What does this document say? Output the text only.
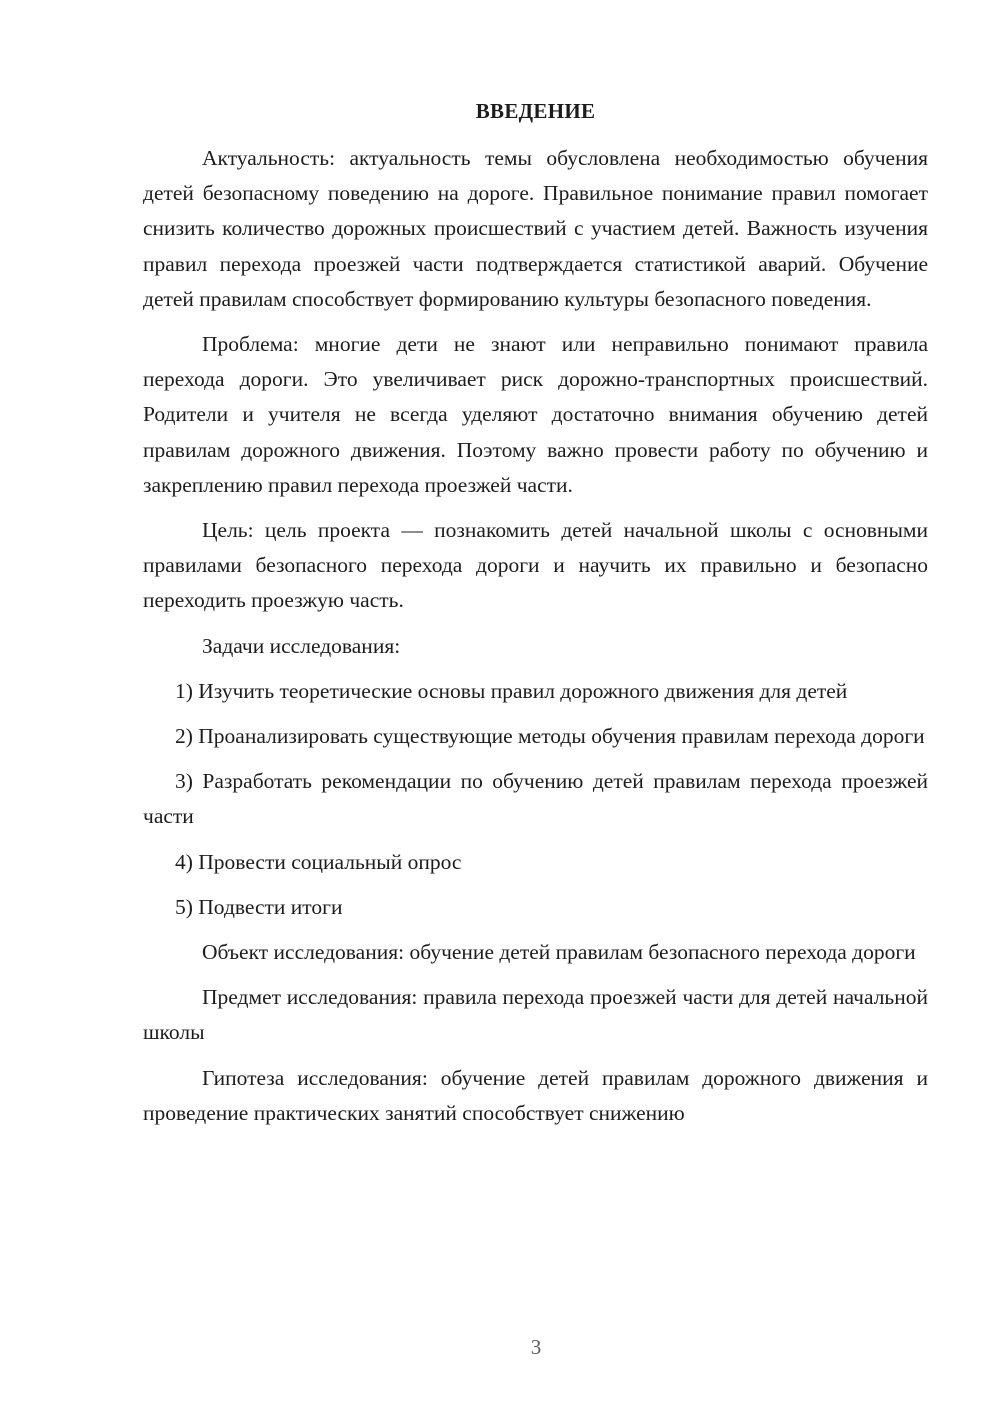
ВВЕДЕНИЕ

Актуальность: актуальность темы обусловлена необходимостью обучения детей безопасному поведению на дороге. Правильное понимание правил помогает снизить количество дорожных происшествий с участием детей. Важность изучения правил перехода проезжей части подтверждается статистикой аварий. Обучение детей правилам способствует формированию культуры безопасного поведения.

Проблема: многие дети не знают или неправильно понимают правила перехода дороги. Это увеличивает риск дорожно-транспортных происшествий. Родители и учителя не всегда уделяют достаточно внимания обучению детей правилам дорожного движения. Поэтому важно провести работу по обучению и закреплению правил перехода проезжей части.

Цель: цель проекта — познакомить детей начальной школы с основными правилами безопасного перехода дороги и научить их правильно и безопасно переходить проезжую часть.

Задачи исследования:

1) Изучить теоретические основы правил дорожного движения для детей

2) Проанализировать существующие методы обучения правилам перехода дороги

3) Разработать рекомендации по обучению детей правилам перехода проезжей части

4) Провести социальный опрос

5) Подвести итоги

Объект исследования: обучение детей правилам безопасного перехода дороги

Предмет исследования: правила перехода проезжей части для детей начальной школы

Гипотеза исследования: обучение детей правилам дорожного движения и проведение практических занятий способствует снижению

3
